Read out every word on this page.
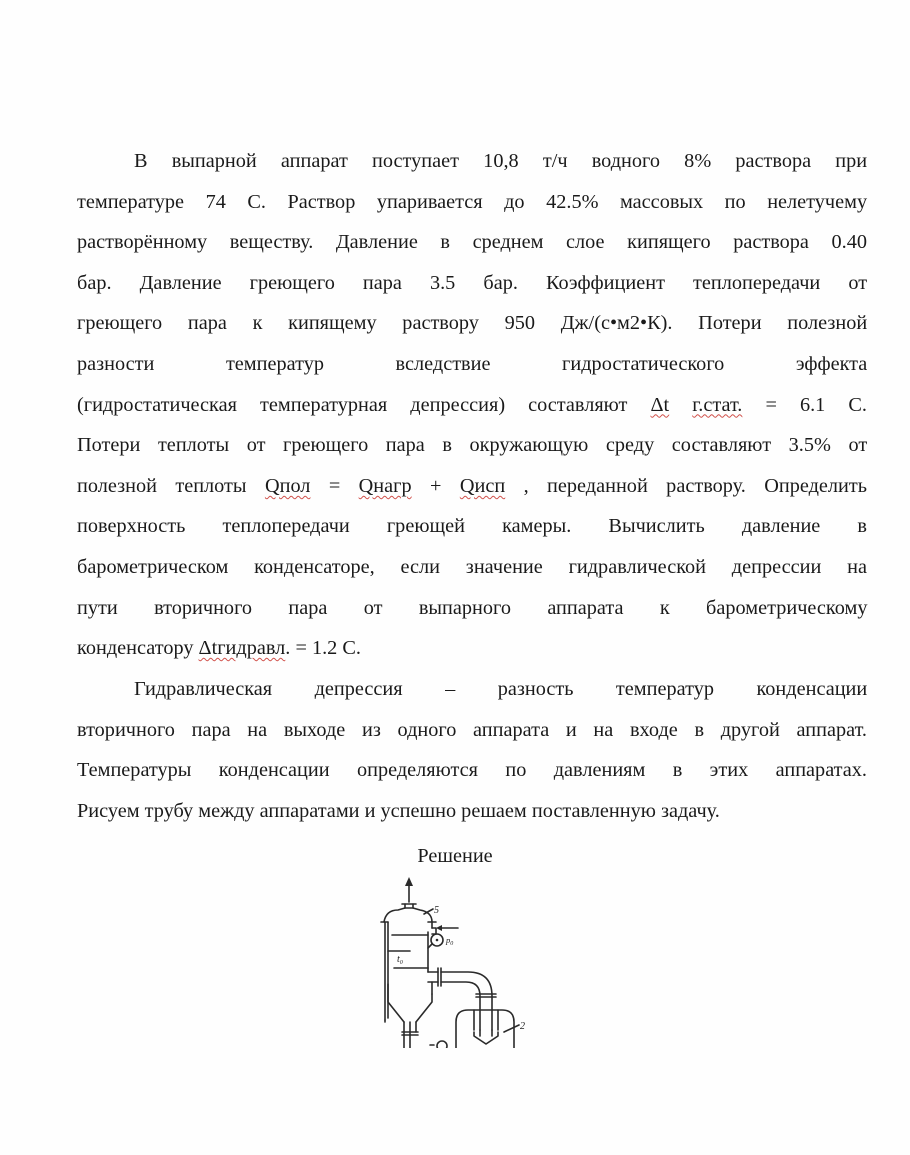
В выпарной аппарат поступает 10,8 т/ч водного 8% раствора при
температуре 74 С. Раствор упаривается до 42.5% массовых по нелетучему
растворённому веществу. Давление в среднем слое кипящего раствора 0.40
бар. Давление греющего пара 3.5 бар. Коэффициент теплопередачи от
греющего пара к кипящему раствору 950 Дж/(с•м2•К). Потери полезной
разности температур вследствие гидростатического эффекта
(гидростатическая температурная депрессия) составляют Δt г.стат. = 6.1 С.
Потери теплоты от греющего пара в окружающую среду составляют 3.5% от
полезной теплоты Qпол = Qнагр + Qисп , переданной раствору. Определить
поверхность теплопередачи греющей камеры. Вычислить давление в
барометрическом конденсаторе, если значение гидравлической депрессии на
пути вторичного пара от выпарного аппарата к барометрическому
конденсатору Δtгидравл. = 1.2 С.
Гидравлическая депрессия – разность температур конденсации
вторичного пара на выходе из одного аппарата и на входе в другой аппарат.
Температуры конденсации определяются по давлениям в этих аппаратах.
Рисуем трубу между аппаратами и успешно решаем поставленную задачу.
Решение
5
$p_0$
$t_0$
2
